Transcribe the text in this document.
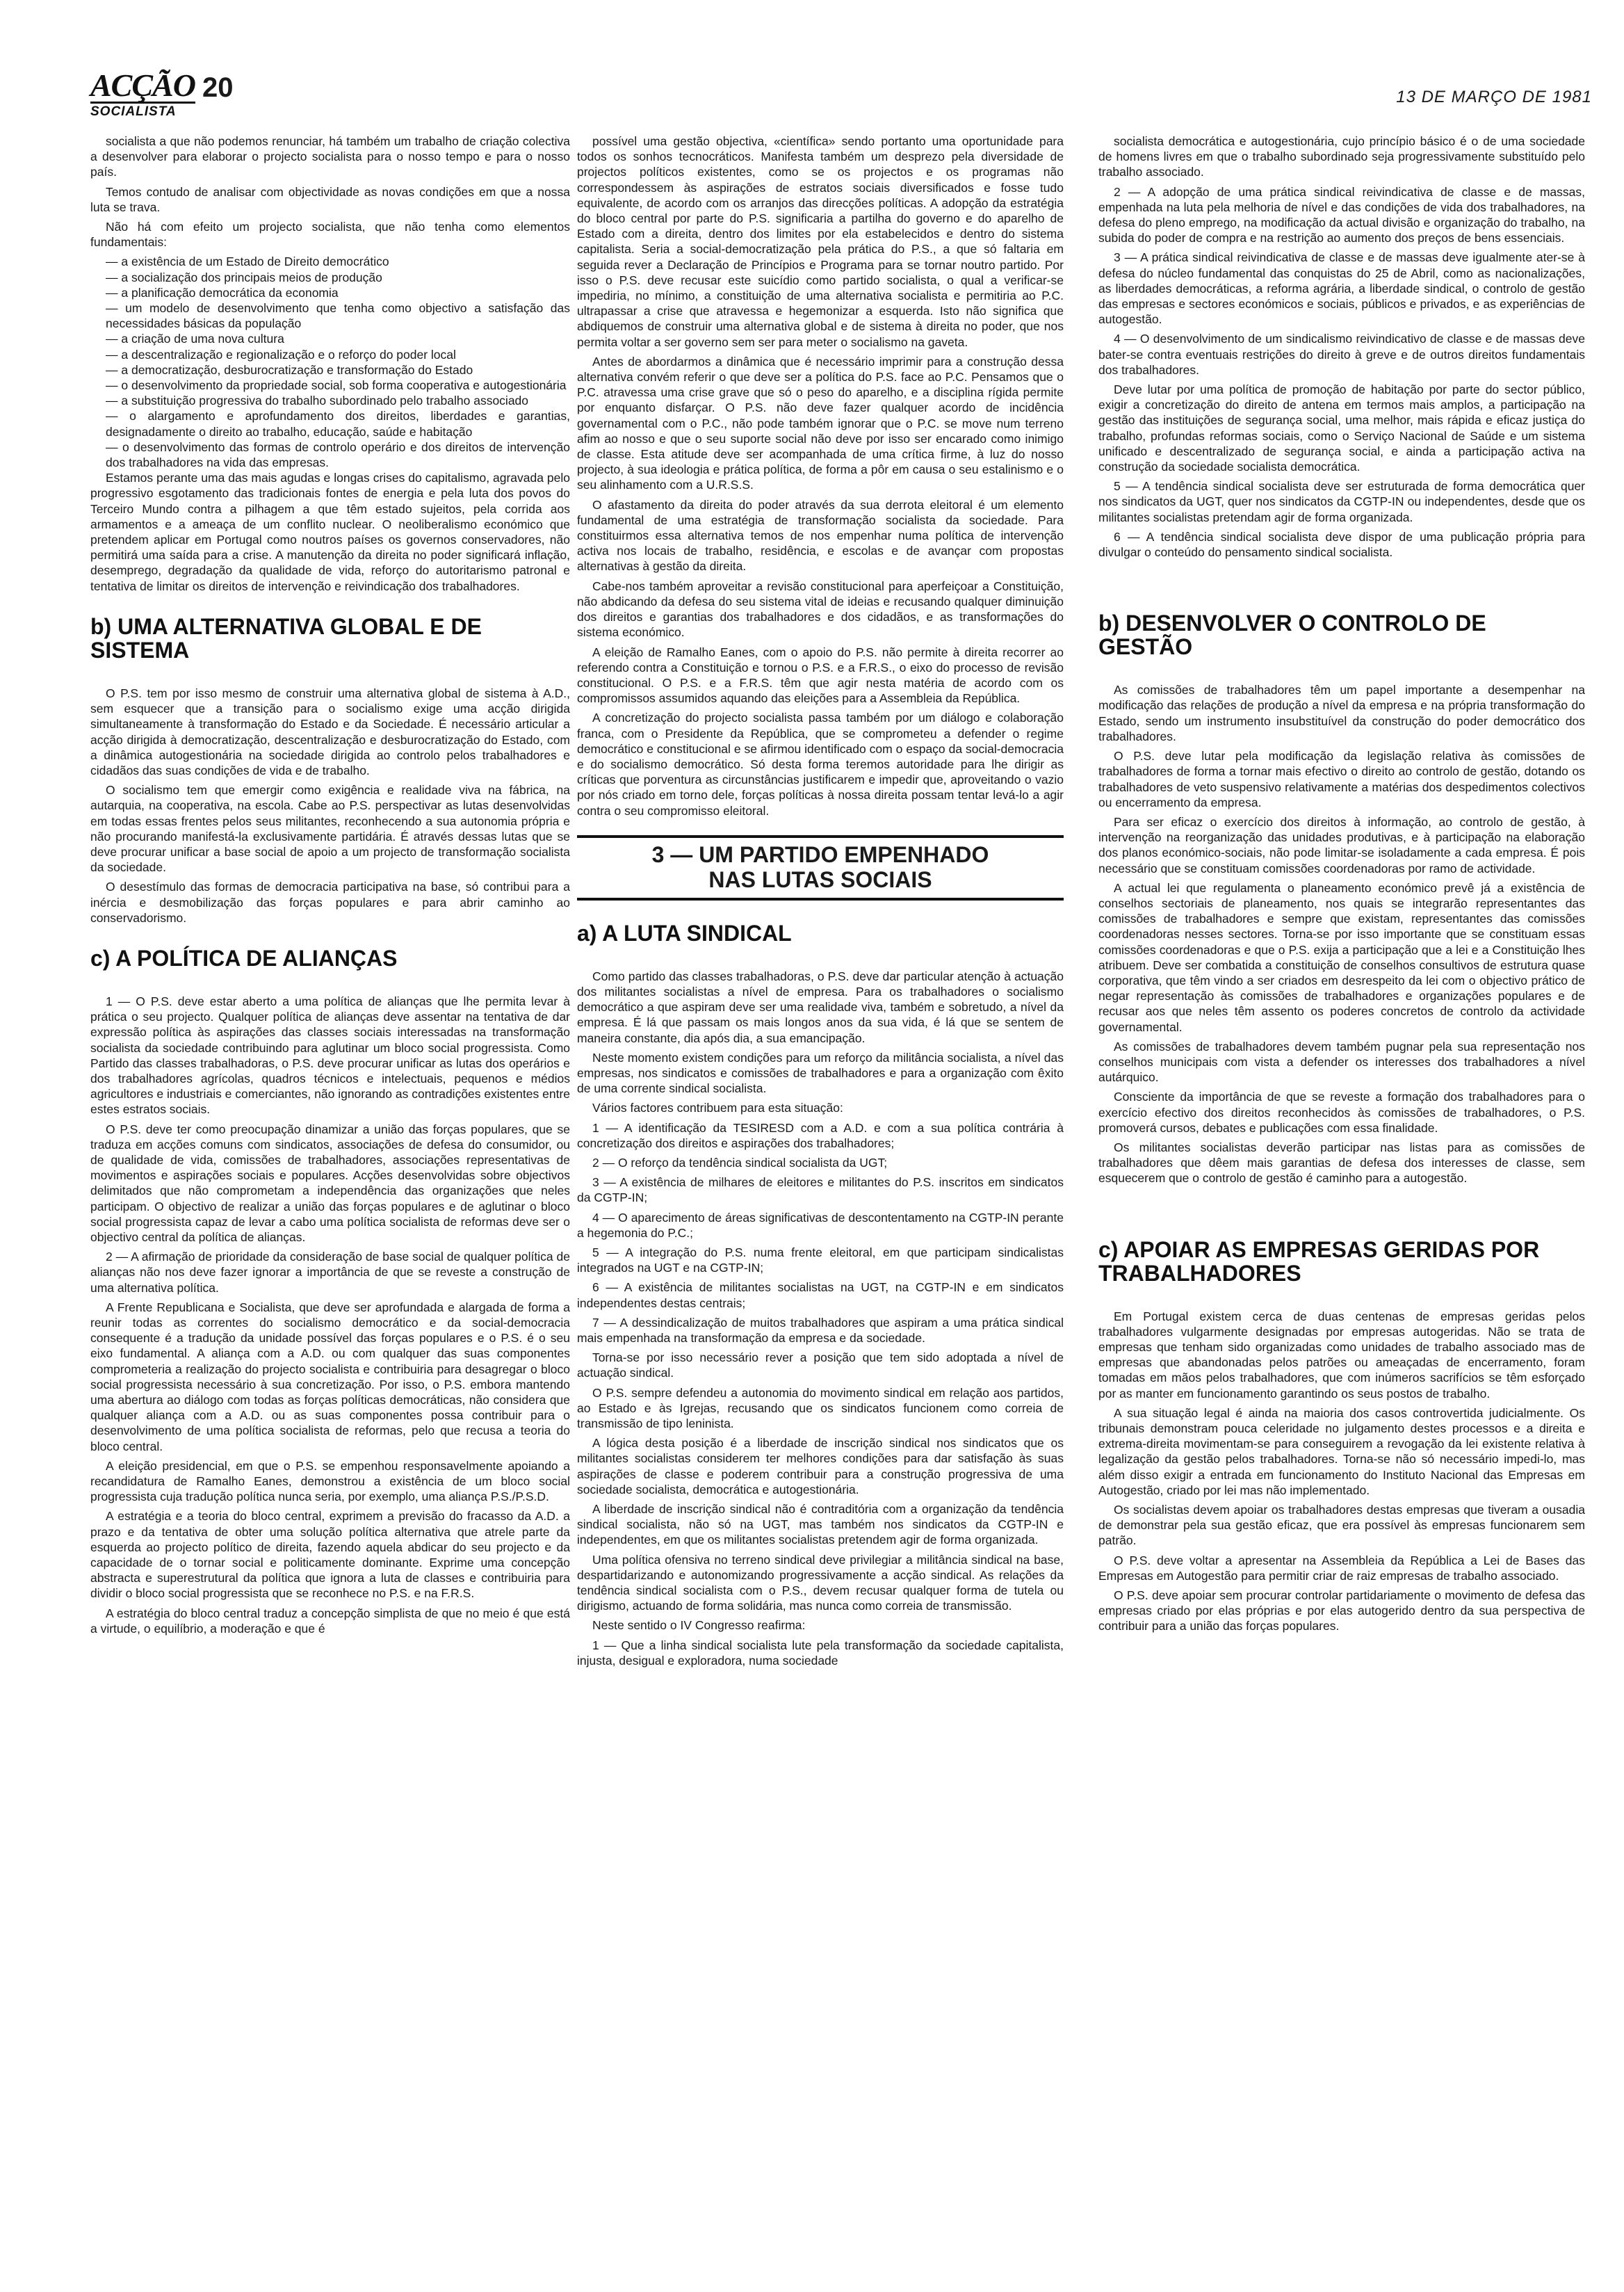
ACÇÃO
SOCIALISTA
20	13 DE MARÇO DE 1981

socialista a que não podemos renunciar, há também um trabalho de criação colectiva a desenvolver para elaborar o projecto socialista para o nosso tempo e para o nosso país.

Temos contudo de analisar com objectividade as novas condições em que a nossa luta se trava.

Não há com efeito um projecto socialista, que não tenha como elementos fundamentais:

— a existência de um Estado de Direito democrático

— a socialização dos principais meios de produção

— a planificação democrática da economia

— um modelo de desenvolvimento que tenha como objectivo a satisfação das necessidades básicas da população

— a criação de uma nova cultura

— a descentralização e regionalização e o reforço do poder local

— a democratização, desburocratização e transformação do Estado

— o desenvolvimento da propriedade social, sob forma cooperativa e autogestionária

— a substituição progressiva do trabalho subordinado pelo trabalho associado

— o alargamento e aprofundamento dos direitos, liberdades e garantias, designadamente o direito ao trabalho, educação, saúde e habitação

— o desenvolvimento das formas de controlo operário e dos direitos de intervenção dos trabalhadores na vida das empresas.

Estamos perante uma das mais agudas e longas crises do capitalismo, agravada pelo progressivo esgotamento das tradicionais fontes de energia e pela luta dos povos do Terceiro Mundo contra a pilhagem a que têm estado sujeitos, pela corrida aos armamentos e a ameaça de um conflito nuclear. O neoliberalismo económico que pretendem aplicar em Portugal como noutros países os governos conservadores, não permitirá uma saída para a crise. A manutenção da direita no poder significará inflação, desemprego, degradação da qualidade de vida, reforço do autoritarismo patronal e tentativa de limitar os direitos de intervenção e reivindicação dos trabalhadores.

b) UMA ALTERNATIVA GLOBAL E DE SISTEMA

O P.S. tem por isso mesmo de construir uma alternativa global de sistema à A.D., sem esquecer que a transição para o socialismo exige uma acção dirigida simultaneamente à transformação do Estado e da Sociedade. É necessário articular a acção dirigida à democratização, descentralização e desburocratização do Estado, com a dinâmica autogestionária na sociedade dirigida ao controlo pelos trabalhadores e cidadãos das suas condições de vida e de trabalho.

O socialismo tem que emergir como exigência e realidade viva na fábrica, na autarquia, na cooperativa, na escola. Cabe ao P.S. perspectivar as lutas desenvolvidas em todas essas frentes pelos seus militantes, reconhecendo a sua autonomia própria e não procurando manifestá-la exclusivamente partidária. É através dessas lutas que se deve procurar unificar a base social de apoio a um projecto de transformação socialista da sociedade.

O desestímulo das formas de democracia participativa na base, só contribui para a inércia e desmobilização das forças populares e para abrir caminho ao conservadorismo.

c) A POLÍTICA DE ALIANÇAS

1 — O P.S. deve estar aberto a uma política de alianças que lhe permita levar à prática o seu projecto. Qualquer política de alianças deve assentar na tentativa de dar expressão política às aspirações das classes sociais interessadas na transformação socialista da sociedade contribuindo para aglutinar um bloco social progressista. Como Partido das classes trabalhadoras, o P.S. deve procurar unificar as lutas dos operários e dos trabalhadores agrícolas, quadros técnicos e intelectuais, pequenos e médios agricultores e industriais e comerciantes, não ignorando as contradições existentes entre estes estratos sociais.

O P.S. deve ter como preocupação dinamizar a união das forças populares, que se traduza em acções comuns com sindicatos, associações de defesa do consumidor, ou de qualidade de vida, comissões de trabalhadores, associações representativas de movimentos e aspirações sociais e populares. Acções desenvolvidas sobre objectivos delimitados que não comprometam a independência das organizações que neles participam. O objectivo de realizar a união das forças populares e de aglutinar o bloco social progressista capaz de levar a cabo uma política socialista de reformas deve ser o objectivo central da política de alianças.

2 — A afirmação de prioridade da consideração de base social de qualquer política de alianças não nos deve fazer ignorar a importância de que se reveste a construção de uma alternativa política.

A Frente Republicana e Socialista, que deve ser aprofundada e alargada de forma a reunir todas as correntes do socialismo democrático e da social-democracia consequente é a tradução da unidade possível das forças populares e o P.S. é o seu eixo fundamental. A aliança com a A.D. ou com qualquer das suas componentes comprometeria a realização do projecto socialista e contribuiria para desagregar o bloco social progressista necessário à sua concretização. Por isso, o P.S. embora mantendo uma abertura ao diálogo com todas as forças políticas democráticas, não considera que qualquer aliança com a A.D. ou as suas componentes possa contribuir para o desenvolvimento de uma política socialista de reformas, pelo que recusa a teoria do bloco central.

A eleição presidencial, em que o P.S. se empenhou responsavelmente apoiando a recandidatura de Ramalho Eanes, demonstrou a existência de um bloco social progressista cuja tradução política nunca seria, por exemplo, uma aliança P.S./P.S.D.

A estratégia e a teoria do bloco central, exprimem a previsão do fracasso da A.D. a prazo e da tentativa de obter uma solução política alternativa que atrele parte da esquerda ao projecto político de direita, fazendo aquela abdicar do seu projecto e da capacidade de o tornar social e politicamente dominante. Exprime uma concepção abstracta e superestrutural da política que ignora a luta de classes e contribuiria para dividir o bloco social progressista que se reconhece no P.S. e na F.R.S.

A estratégia do bloco central traduz a concepção simplista de que no meio é que está a virtude, o equilíbrio, a moderação e que é

possível uma gestão objectiva, «científica» sendo portanto uma oportunidade para todos os sonhos tecnocráticos. Manifesta também um desprezo pela diversidade de projectos políticos existentes, como se os projectos e os programas não correspondessem às aspirações de estratos sociais diversificados e fosse tudo equivalente, de acordo com os arranjos das direcções políticas. A adopção da estratégia do bloco central por parte do P.S. significaria a partilha do governo e do aparelho de Estado com a direita, dentro dos limites por ela estabelecidos e dentro do sistema capitalista. Seria a social-democratização pela prática do P.S., a que só faltaria em seguida rever a Declaração de Princípios e Programa para se tornar noutro partido. Por isso o P.S. deve recusar este suicídio como partido socialista, o qual a verificar-se impediria, no mínimo, a constituição de uma alternativa socialista e permitiria ao P.C. ultrapassar a crise que atravessa e hegemonizar a esquerda. Isto não significa que abdiquemos de construir uma alternativa global e de sistema à direita no poder, que nos permita voltar a ser governo sem ser para meter o socialismo na gaveta.

Antes de abordarmos a dinâmica que é necessário imprimir para a construção dessa alternativa convém referir o que deve ser a política do P.S. face ao P.C. Pensamos que o P.C. atravessa uma crise grave que só o peso do aparelho, e a disciplina rígida permite por enquanto disfarçar. O P.S. não deve fazer qualquer acordo de incidência governamental com o P.C., não pode também ignorar que o P.C. se move num terreno afim ao nosso e que o seu suporte social não deve por isso ser encarado como inimigo de classe. Esta atitude deve ser acompanhada de uma crítica firme, à luz do nosso projecto, à sua ideologia e prática política, de forma a pôr em causa o seu estalinismo e o seu alinhamento com a U.R.S.S.

O afastamento da direita do poder através da sua derrota eleitoral é um elemento fundamental de uma estratégia de transformação socialista da sociedade. Para constituirmos essa alternativa temos de nos empenhar numa política de intervenção activa nos locais de trabalho, residência, e escolas e de avançar com propostas alternativas à gestão da direita.

Cabe-nos também aproveitar a revisão constitucional para aperfeiçoar a Constituição, não abdicando da defesa do seu sistema vital de ideias e recusando qualquer diminuição dos direitos e garantias dos trabalhadores e dos cidadãos, e as transformações do sistema económico.

A eleição de Ramalho Eanes, com o apoio do P.S. não permite à direita recorrer ao referendo contra a Constituição e tornou o P.S. e a F.R.S., o eixo do processo de revisão constitucional. O P.S. e a F.R.S. têm que agir nesta matéria de acordo com os compromissos assumidos aquando das eleições para a Assembleia da República.

A concretização do projecto socialista passa também por um diálogo e colaboração franca, com o Presidente da República, que se comprometeu a defender o regime democrático e constitucional e se afirmou identificado com o espaço da social-democracia e do socialismo democrático. Só desta forma teremos autoridade para lhe dirigir as críticas que porventura as circunstâncias justificarem e impedir que, aproveitando o vazio por nós criado em torno dele, forças políticas à nossa direita possam tentar levá-lo a agir contra o seu compromisso eleitoral.

3 — UM PARTIDO EMPENHADO
NAS LUTAS SOCIAIS
a) A LUTA SINDICAL

Como partido das classes trabalhadoras, o P.S. deve dar particular atenção à actuação dos militantes socialistas a nível de empresa. Para os trabalhadores o socialismo democrático a que aspiram deve ser uma realidade viva, também e sobretudo, a nível da empresa. É lá que passam os mais longos anos da sua vida, é lá que se sentem de maneira constante, dia após dia, a sua emancipação.

Neste momento existem condições para um reforço da militância socialista, a nível das empresas, nos sindicatos e comissões de trabalhadores e para a organização com êxito de uma corrente sindical socialista.

Vários factores contribuem para esta situação:

1 — A identificação da TESIRESD com a A.D. e com a sua política contrária à concretização dos direitos e aspirações dos trabalhadores;

2 — O reforço da tendência sindical socialista da UGT;

3 — A existência de milhares de eleitores e militantes do P.S. inscritos em sindicatos da CGTP-IN;

4 — O aparecimento de áreas significativas de descontentamento na CGTP-IN perante a hegemonia do P.C.;

5 — A integração do P.S. numa frente eleitoral, em que participam sindicalistas integrados na UGT e na CGTP-IN;

6 — A existência de militantes socialistas na UGT, na CGTP-IN e em sindicatos independentes destas centrais;

7 — A dessindicalização de muitos trabalhadores que aspiram a uma prática sindical mais empenhada na transformação da empresa e da sociedade.

Torna-se por isso necessário rever a posição que tem sido adoptada a nível de actuação sindical.

O P.S. sempre defendeu a autonomia do movimento sindical em relação aos partidos, ao Estado e às Igrejas, recusando que os sindicatos funcionem como correia de transmissão de tipo leninista.

A lógica desta posição é a liberdade de inscrição sindical nos sindicatos que os militantes socialistas considerem ter melhores condições para dar satisfação às suas aspirações de classe e poderem contribuir para a construção progressiva de uma sociedade socialista, democrática e autogestionária.

A liberdade de inscrição sindical não é contraditória com a organização da tendência sindical socialista, não só na UGT, mas também nos sindicatos da CGTP-IN e independentes, em que os militantes socialistas pretendem agir de forma organizada.

Uma política ofensiva no terreno sindical deve privilegiar a militância sindical na base, despartidarizando e autonomizando progressivamente a acção sindical. As relações da tendência sindical socialista com o P.S., devem recusar qualquer forma de tutela ou dirigismo, actuando de forma solidária, mas nunca como correia de transmissão.

Neste sentido o IV Congresso reafirma:

1 — Que a linha sindical socialista lute pela transformação da sociedade capitalista, injusta, desigual e exploradora, numa sociedade

socialista democrática e autogestionária, cujo princípio básico é o de uma sociedade de homens livres em que o trabalho subordinado seja progressivamente substituído pelo trabalho associado.

2 — A adopção de uma prática sindical reivindicativa de classe e de massas, empenhada na luta pela melhoria de nível e das condições de vida dos trabalhadores, na defesa do pleno emprego, na modificação da actual divisão e organização do trabalho, na subida do poder de compra e na restrição ao aumento dos preços de bens essenciais.

3 — A prática sindical reivindicativa de classe e de massas deve igualmente ater-se à defesa do núcleo fundamental das conquistas do 25 de Abril, como as nacionalizações, as liberdades democráticas, a reforma agrária, a liberdade sindical, o controlo de gestão das empresas e sectores económicos e sociais, públicos e privados, e as experiências de autogestão.

4 — O desenvolvimento de um sindicalismo reivindicativo de classe e de massas deve bater-se contra eventuais restrições do direito à greve e de outros direitos fundamentais dos trabalhadores.

Deve lutar por uma política de promoção de habitação por parte do sector público, exigir a concretização do direito de antena em termos mais amplos, a participação na gestão das instituições de segurança social, uma melhor, mais rápida e eficaz justiça do trabalho, profundas reformas sociais, como o Serviço Nacional de Saúde e um sistema unificado e descentralizado de segurança social, e ainda a participação activa na construção da sociedade socialista democrática.

5 — A tendência sindical socialista deve ser estruturada de forma democrática quer nos sindicatos da UGT, quer nos sindicatos da CGTP-IN ou independentes, desde que os militantes socialistas pretendam agir de forma organizada.

6 — A tendência sindical socialista deve dispor de uma publicação própria para divulgar o conteúdo do pensamento sindical socialista.

b) DESENVOLVER O CONTROLO DE GESTÃO

As comissões de trabalhadores têm um papel importante a desempenhar na modificação das relações de produção a nível da empresa e na própria transformação do Estado, sendo um instrumento insubstituível da construção do poder democrático dos trabalhadores.

O P.S. deve lutar pela modificação da legislação relativa às comissões de trabalhadores de forma a tornar mais efectivo o direito ao controlo de gestão, dotando os trabalhadores de veto suspensivo relativamente a matérias dos despedimentos colectivos ou encerramento da empresa.

Para ser eficaz o exercício dos direitos à informação, ao controlo de gestão, à intervenção na reorganização das unidades produtivas, e à participação na elaboração dos planos económico-sociais, não pode limitar-se isoladamente a cada empresa. É pois necessário que se constituam comissões coordenadoras por ramo de actividade.

A actual lei que regulamenta o planeamento económico prevê já a existência de conselhos sectoriais de planeamento, nos quais se integrarão representantes das comissões de trabalhadores e sempre que existam, representantes das comissões coordenadoras nesses sectores. Torna-se por isso importante que se constituam essas comissões coordenadoras e que o P.S. exija a participação que a lei e a Constituição lhes atribuem. Deve ser combatida a constituição de conselhos consultivos de estrutura quase corporativa, que têm vindo a ser criados em desrespeito da lei com o objectivo prático de negar representação às comissões de trabalhadores e organizações populares e de recusar aos que neles têm assento os poderes concretos de controlo da actividade governamental.

As comissões de trabalhadores devem também pugnar pela sua representação nos conselhos municipais com vista a defender os interesses dos trabalhadores a nível autárquico.

Consciente da importância de que se reveste a formação dos trabalhadores para o exercício efectivo dos direitos reconhecidos às comissões de trabalhadores, o P.S. promoverá cursos, debates e publicações com essa finalidade.

Os militantes socialistas deverão participar nas listas para as comissões de trabalhadores que dêem mais garantias de defesa dos interesses de classe, sem esquecerem que o controlo de gestão é caminho para a autogestão.

c) APOIAR AS EMPRESAS GERIDAS POR TRABALHADORES

Em Portugal existem cerca de duas centenas de empresas geridas pelos trabalhadores vulgarmente designadas por empresas autogeridas. Não se trata de empresas que tenham sido organizadas como unidades de trabalho associado mas de empresas que abandonadas pelos patrões ou ameaçadas de encerramento, foram tomadas em mãos pelos trabalhadores, que com inúmeros sacrifícios se têm esforçado por as manter em funcionamento garantindo os seus postos de trabalho.

A sua situação legal é ainda na maioria dos casos controvertida judicialmente. Os tribunais demonstram pouca celeridade no julgamento destes processos e a direita e extrema-direita movimentam-se para conseguirem a revogação da lei existente relativa à legalização da gestão pelos trabalhadores. Torna-se não só necessário impedi-lo, mas além disso exigir a entrada em funcionamento do Instituto Nacional das Empresas em Autogestão, criado por lei mas não implementado.

Os socialistas devem apoiar os trabalhadores destas empresas que tiveram a ousadia de demonstrar pela sua gestão eficaz, que era possível às empresas funcionarem sem patrão.

O P.S. deve voltar a apresentar na Assembleia da República a Lei de Bases das Empresas em Autogestão para permitir criar de raiz empresas de trabalho associado.

O P.S. deve apoiar sem procurar controlar partidariamente o movimento de defesa das empresas criado por elas próprias e por elas autogerido dentro da sua perspectiva de contribuir para a união das forças populares.
